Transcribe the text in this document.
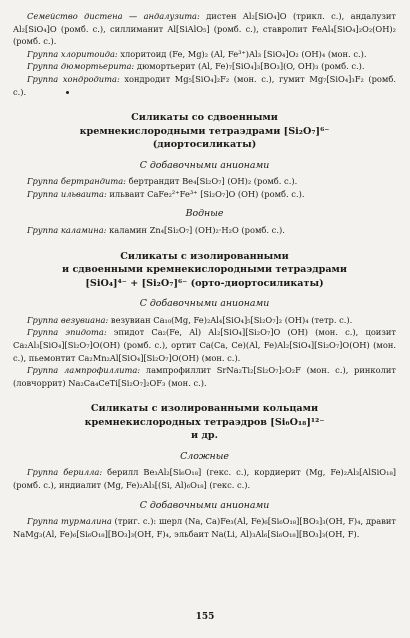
Семейство дистена — андалузита: дистен Al₂[SiO₄]O (трикл. с.), андалузит Al₂[SiO₄]O (ромб. с.), силлиманит Al[SiAlO₅] (ромб. с.), ставролит FeAl₄[SiO₄]₂O₂(OH)₂ (ромб. с.).

Группа хлоритоида: хлоритоид (Fe, Mg)₂ (Al, Fe³⁺)Al₃ [SiO₄]O₂ (OH)₄ (мон. с.).

Группа дюмортьерита: дюмортьерит (Al, Fe)₇[SiO₄]₃[BO₃](O, OH)₃ (ромб. с.).

Группа хондродита: хондродит Mg₅[SiO₄]₂F₂ (мон. с.), гумит Mg₇[SiO₄]₃F₂ (ромб. с.).

Силикаты со сдвоенными
кремнекислородными тетраэдрами [Si₂O₇]⁶⁻
(диортосиликаты)
С добавочными анионами

Группа бертрандита: бертрандит Be₄[Si₂O₇] (OH)₂ (ромб. с.).

Группа ильваита: ильваит CaFe₂²⁺Fe³⁺ [Si₂O₇]O (OH) (ромб. с.).

Водные

Группа каламина: каламин Zn₄[Si₂O₇] (OH)₂·H₂O (ромб. с.).

Силикаты с изолированными
и сдвоенными кремнекислородными тетраэдрами
[SiO₄]⁴⁻ + [Si₂O₇]⁶⁻ (орто-диортосиликаты)
С добавочными анионами

Группа везувиана: везувиан Ca₁₀(Mg, Fe)₂Al₄[SiO₄]₅[Si₂O₇]₂ (OH)₄ (тетр. с.).

Группа эпидота: эпидот Ca₂(Fe, Al) Al₂[SiO₄][Si₂O₇]O (OH) (мон. с.), цоизит Ca₂Al₃[SiO₄][Si₂O₇]O(OH) (ромб. с.), ортит Ca(Ca, Ce)(Al, Fe)Al₂[SiO₄][Si₂O₇]O(OH) (мон. с.), пьемонтит Ca₂Mn₂Al[SiO₄][Si₂O₇]O(OH) (мон. с.).

Группа лампрофиллита: лампрофиллит SrNa₂Ti₂[Si₂O₇]₂O₂F (мон. с.), ринколит (ловчоррит) Na₂Ca₄CeTi[Si₂O₇]₂OF₃ (мон. с.).

Силикаты с изолированными кольцами
кремнекислородных тетраэдров [Si₆O₁₈]¹²⁻
и др.
Сложные

Группа берилла: берилл Be₃Al₂[Si₆O₁₈] (гекс. с.), кордиерит (Mg, Fe)₂Al₃[AlSiO₁₈] (ромб. с.), индиалит (Mg, Fe)₂Al₃[(Si, Al)₆O₁₈] (гекс. с.).

С добавочными анионами

Группа турмалина (триг. с.): шерл (Na, Ca)Fe₃(Al, Fe)₆[Si₆O₁₈][BO₃]₃(OH, F)₄, дравит NaMg₃(Al, Fe)₆[Si₆O₁₈][BO₃]₃(OH, F)₄, эльбаит Na(Li, Al)₃Al₆[Si₆O₁₈][BO₃]₃(OH, F).

155
